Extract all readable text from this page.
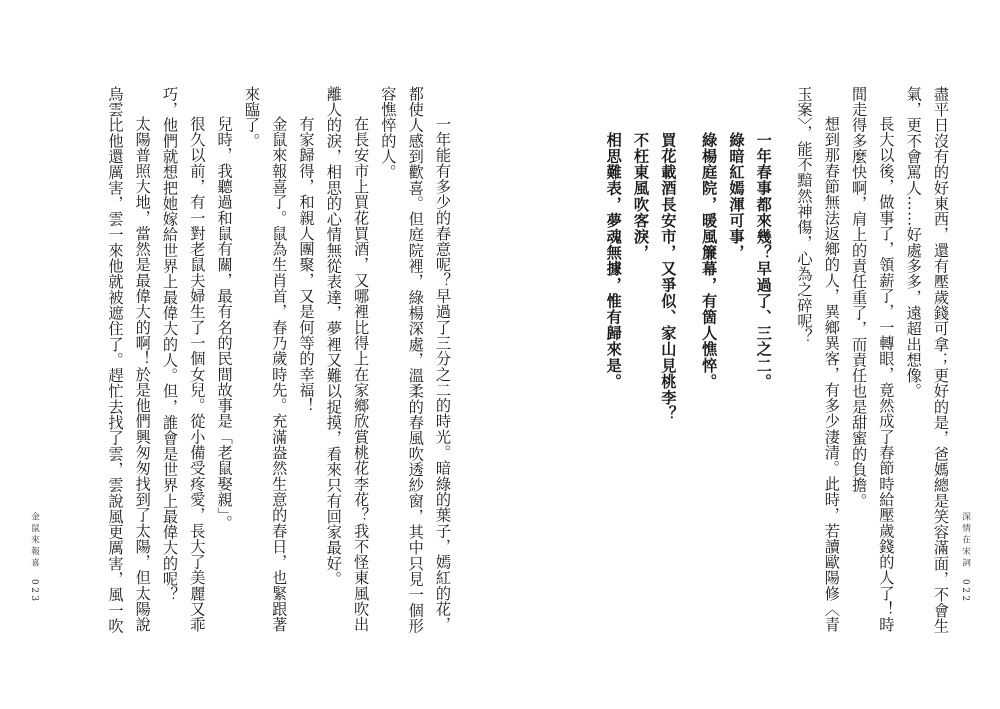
盡平日沒有的好東西，還有壓歲錢可拿；更好的是，爸媽總是笑容滿面，不會生
氣，更不會罵人……好處多多，遠超出想像。
長大以後，做事了，領薪了，一轉眼，竟然成了春節時給壓歲錢的人了！時
間走得多麼快啊，肩上的責任重了，而責任也是甜蜜的負擔。
想到那春節無法返鄉的人，異鄉異客，有多少淒清。此時，若讀歐陽修〈青
玉案〉，能不黯然神傷，心為之碎呢？
一年春事都來幾？早過了、三之二。
綠暗紅嫣渾可事，
綠楊庭院，暖風簾幕，有箇人憔悴。
買花載酒長安市，又爭似、家山見桃李？
不枉東風吹客淚，
相思難表，夢魂無據，惟有歸來是。
深情在宋詞022
一年能有多少的春意呢？早過了三分之二的時光。暗綠的葉子，嫣紅的花，
都使人感到歡喜。但庭院裡，綠楊深處，溫柔的春風吹透紗窗，其中只見一個形
容憔悴的人。
在長安市上買花買酒，又哪裡比得上在家鄉欣賞桃花李花？我不怪東風吹出
離人的淚，相思的心情無從表達，夢裡又難以捉摸，看來只有回家最好。
有家歸得，和親人團聚，又是何等的幸福！
金鼠來報喜了。鼠為生肖首，春乃歲時先。充滿盎然生意的春日，也緊跟著
來臨了。
兒時，我聽過和鼠有關，最有名的民間故事是「老鼠娶親」。
很久以前，有一對老鼠夫婦生了一個女兒。從小備受疼愛，長大了美麗又乖
巧，他們就想把她嫁給世界上最偉大的人。但，誰會是世界上最偉大的呢？
太陽普照大地，當然是最偉大的啊！於是他們興匆匆找到了太陽，但太陽說
烏雲比他還厲害，雲一來他就被遮住了。趕忙去找了雲，雲說風更厲害，風一吹
金鼠來報喜023
